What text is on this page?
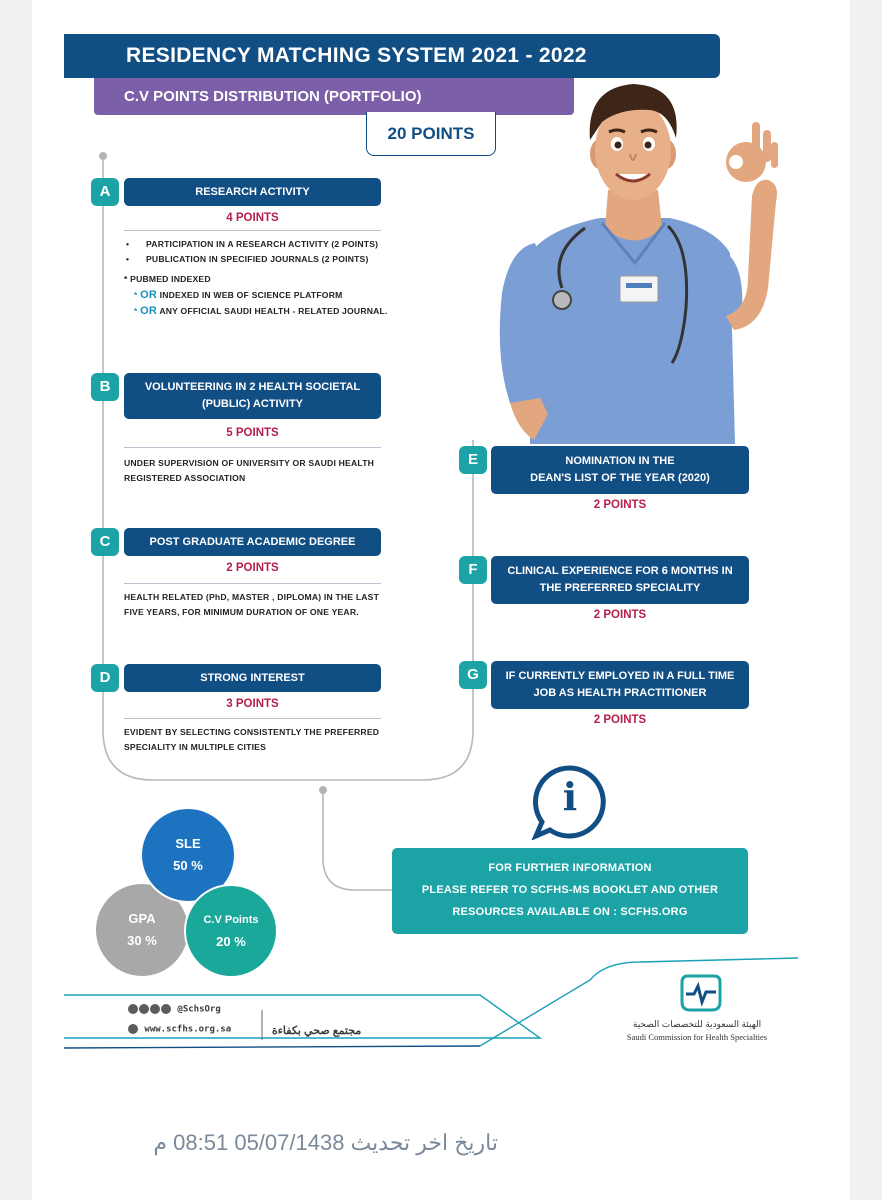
RESIDENCY MATCHING SYSTEM 2021 - 2022
C.V POINTS DISTRIBUTION (PORTFOLIO)
20 POINTS
A	RESEARCH ACTIVITY
4 POINTS
• PARTICIPATION IN A RESEARCH ACTIVITY (2 POINTS)
• PUBLICATION IN SPECIFIED JOURNALS (2 POINTS)
* PUBMED INDEXED
* OR INDEXED IN WEB OF SCIENCE PLATFORM
* OR ANY OFFICIAL SAUDI HEALTH - RELATED JOURNAL.
B	VOLUNTEERING IN 2 HEALTH SOCIETAL
(PUBLIC) ACTIVITY
5 POINTS
UNDER SUPERVISION OF UNIVERSITY OR SAUDI HEALTH
REGISTERED ASSOCIATION
C	POST GRADUATE ACADEMIC DEGREE
2 POINTS
HEALTH RELATED (PhD, MASTER , DIPLOMA) IN THE LAST
FIVE YEARS, FOR MINIMUM DURATION OF ONE YEAR.
D	STRONG INTEREST
3 POINTS
EVIDENT BY SELECTING CONSISTENTLY THE PREFERRED
SPECIALITY IN MULTIPLE CITIES
E	NOMINATION IN THE
DEAN'S LIST OF THE YEAR (2020)
2 POINTS
F	CLINICAL EXPERIENCE FOR 6 MONTHS IN
THE PREFERRED SPECIALITY
2 POINTS
G	IF CURRENTLY EMPLOYED IN A FULL TIME
JOB AS HEALTH PRACTITIONER
2 POINTS
i
FOR FURTHER INFORMATION
PLEASE REFER TO SCFHS-MS BOOKLET AND OTHER
RESOURCES AVAILABLE ON : SCFHS.ORG
GPA
30 %
SLE
50 %
C.V Points
20 %
@SchsOrg
www.scfhs.org.sa	مجتمع صحي بكفاءة
الهيئة السعودية للتخصصات الصحية
Saudi Commission for Health Specialties
تاريخ اخر تحديث 05/07/1438 08:51 م
